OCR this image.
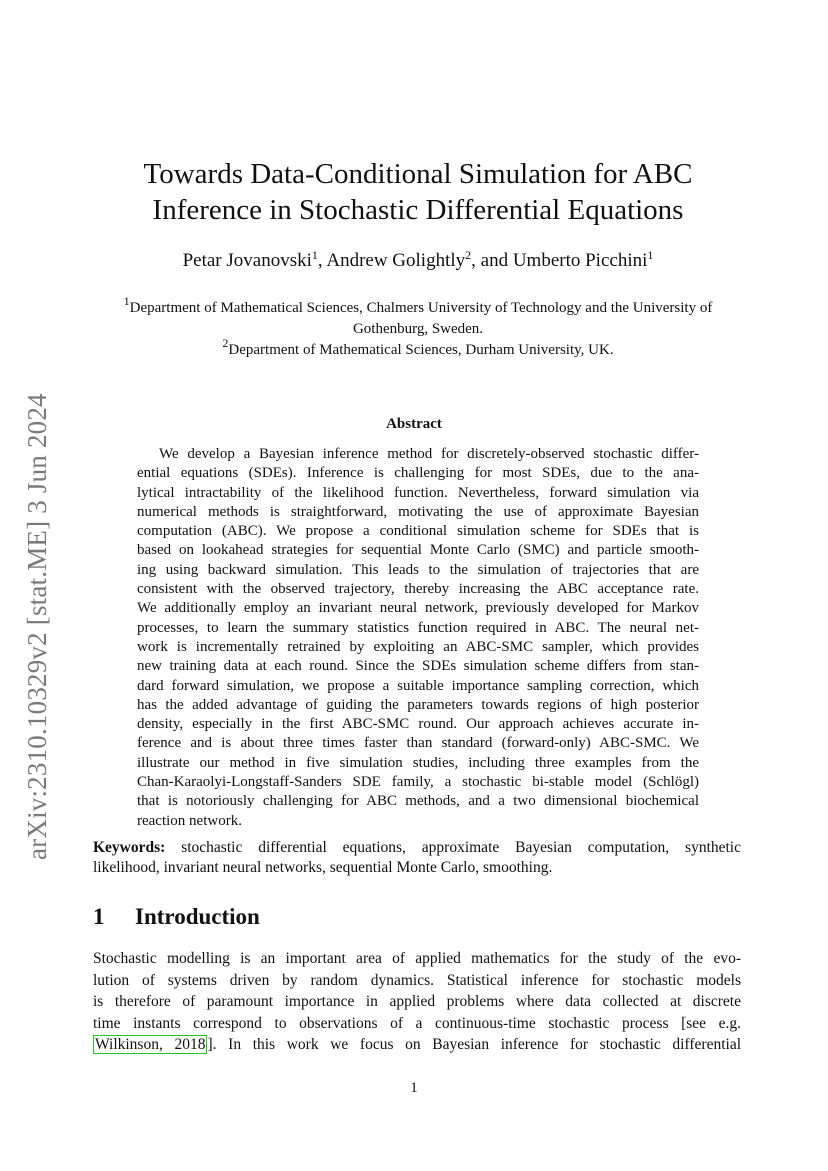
arXiv:2310.10329v2 [stat.ME] 3 Jun 2024
Towards Data-Conditional Simulation for ABC
Inference in Stochastic Differential Equations
Petar Jovanovski$^1$, Andrew Golightly$^2$, and Umberto Picchini$^1$
$^1$Department of Mathematical Sciences, Chalmers University of Technology and the University of
Gothenburg, Sweden.
$^2$Department of Mathematical Sciences, Durham University, UK.
Abstract
We develop a Bayesian inference method for discretely-observed stochastic differ-
ential equations (SDEs). Inference is challenging for most SDEs, due to the ana-
lytical intractability of the likelihood function. Nevertheless, forward simulation via
numerical methods is straightforward, motivating the use of approximate Bayesian
computation (ABC). We propose a conditional simulation scheme for SDEs that is
based on lookahead strategies for sequential Monte Carlo (SMC) and particle smooth-
ing using backward simulation. This leads to the simulation of trajectories that are
consistent with the observed trajectory, thereby increasing the ABC acceptance rate.
We additionally employ an invariant neural network, previously developed for Markov
processes, to learn the summary statistics function required in ABC. The neural net-
work is incrementally retrained by exploiting an ABC-SMC sampler, which provides
new training data at each round. Since the SDEs simulation scheme differs from stan-
dard forward simulation, we propose a suitable importance sampling correction, which
has the added advantage of guiding the parameters towards regions of high posterior
density, especially in the first ABC-SMC round. Our approach achieves accurate in-
ference and is about three times faster than standard (forward-only) ABC-SMC. We
illustrate our method in five simulation studies, including three examples from the
Chan-Karaolyi-Longstaff-Sanders SDE family, a stochastic bi-stable model (Schlögl)
that is notoriously challenging for ABC methods, and a two dimensional biochemical
reaction network.
Keywords: stochastic differential equations, approximate Bayesian computation, synthetic
likelihood, invariant neural networks, sequential Monte Carlo, smoothing.
1 Introduction
Stochastic modelling is an important area of applied mathematics for the study of the evo-
lution of systems driven by random dynamics. Statistical inference for stochastic models
is therefore of paramount importance in applied problems where data collected at discrete
time instants correspond to observations of a continuous-time stochastic process [see e.g.
Wilkinson, 2018 ]. In this work we focus on Bayesian inference for stochastic differential
1
